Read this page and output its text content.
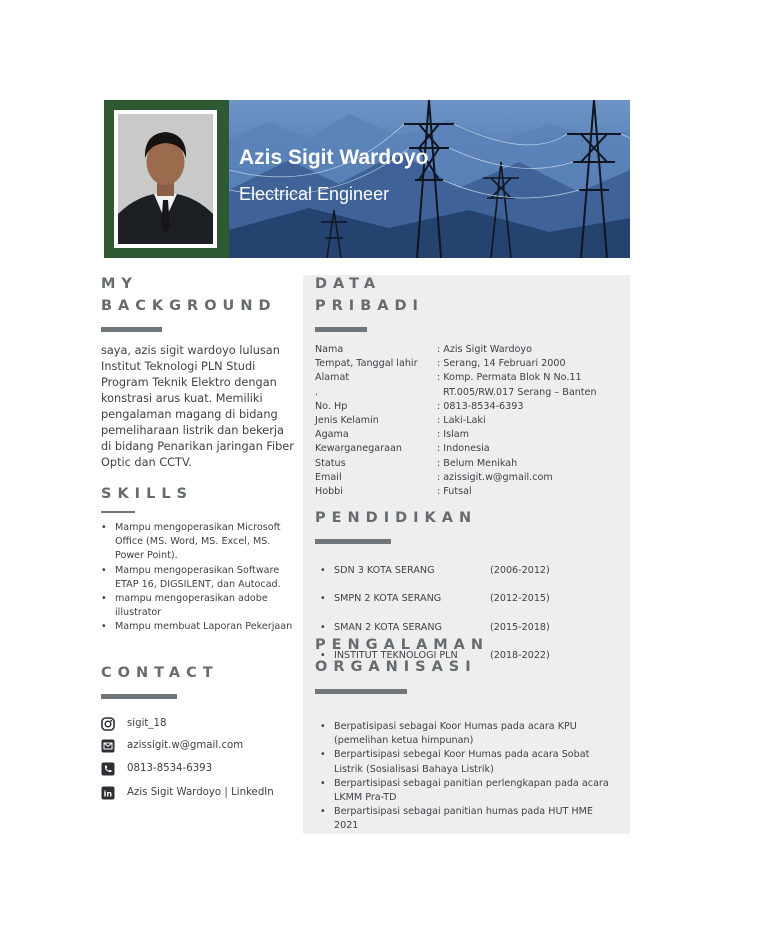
Azis Sigit Wardoyo
Electrical Engineer
MY
BACKGROUND
saya, azis sigit wardoyo lulusan Institut Teknologi PLN Studi Program Teknik Elektro dengan konstrasi arus kuat. Memiliki pengalaman magang di bidang pemeliharaan listrik dan bekerja di bidang Penarikan jaringan Fiber Optic dan CCTV.
SKILLS
• Mampu mengoperasikan Microsoft Office (MS. Word, MS. Excel, MS. Power Point).
• Mampu mengoperasikan Software ETAP 16, DIGSILENT, dan Autocad.
• mampu mengoperasikan adobe illustrator
• Mampu membuat Laporan Pekerjaan
CONTACT
sigit_18
azissigit.w@gmail.com
0813-8534-6393
in Azis Sigit Wardoyo | LinkedIn
DATA
PRIBADI
Nama	: Azis Sigit Wardoyo
Tempat, Tanggal lahir : Serang, 14 Februari 2000
Alamat	: Komp. Permata Blok N No.11
.	RT.005/RW.017 Serang – Banten
No. Hp	: 0813-8534-6393
Jenis Kelamin	: Laki-Laki
Agama	: Islam
Kewarganegaraan	: Indonesia
Status	: Belum Menikah
Email	: azissigit.w@gmail.com
Hobbi	: Futsal
PENDIDIKAN
• SDN 3 KOTA SERANG	(2006-2012)
• SMPN 2 KOTA SERANG	(2012-2015)
• SMAN 2 KOTA SERANG	(2015-2018)
• INSTITUT TEKNOLOGI PLN	(2018-2022)
PENGALAMAN
ORGANISASI
• Berpatisipasi sebagai Koor Humas pada acara KPU (pemelihan ketua himpunan)
• Berpartisipasi sebegai Koor Humas pada acara Sobat Listrik (Sosialisasi Bahaya Listrik)
• Berpartisipasi sebagai panitian perlengkapan pada acara LKMM Pra-TD
• Berpartisipasi sebagai panitian humas pada HUT HME 2021
